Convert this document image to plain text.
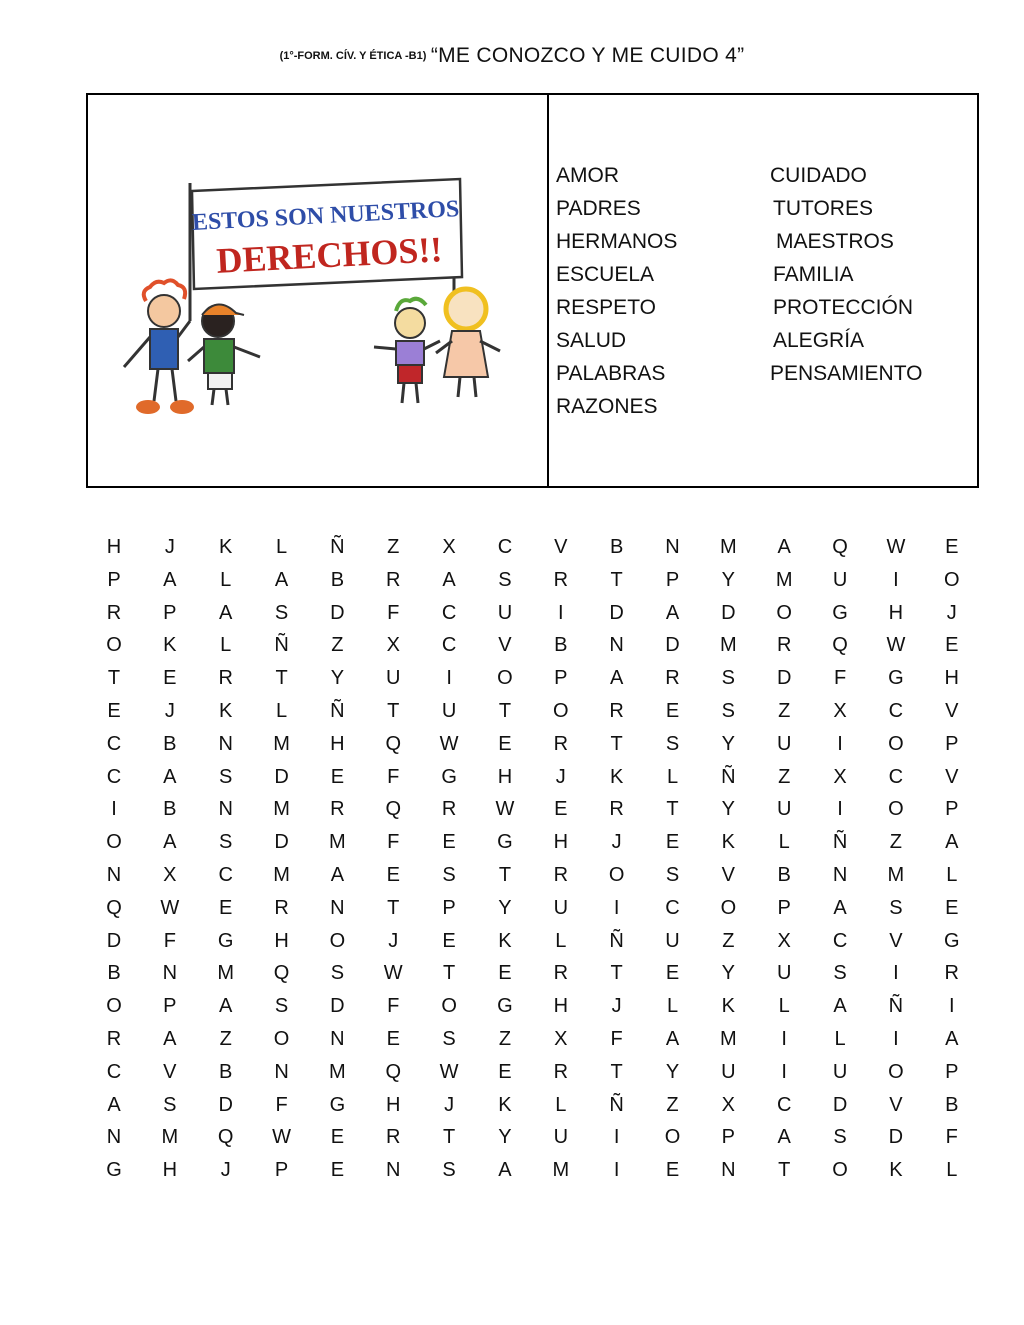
(1°-FORM. CÍV. Y ÉTICA -B1) “ME CONOZCO Y ME CUIDO 4”
ESTOS SON NUESTROS
DERECHOS!!
AMOR
PADRES
HERMANOS
ESCUELA
RESPETO
SALUD
PALABRAS
RAZONES
CUIDADO
TUTORES
MAESTROS
FAMILIA
PROTECCIÓN
ALEGRÍA
PENSAMIENTO
H	J	K	L	Ñ	Z	X	C	V	B	N	M	A	Q	W	E
P	A	L	A	B	R	A	S	R	T	P	Y	M	U	I	O
R	P	A	S	D	F	C	U	I	D	A	D	O	G	H	J
O	K	L	Ñ	Z	X	C	V	B	N	D	M	R	Q	W	E
T	E	R	T	Y	U	I	O	P	A	R	S	D	F	G	H
E	J	K	L	Ñ	T	U	T	O	R	E	S	Z	X	C	V
C	B	N	M	H	Q	W	E	R	T	S	Y	U	I	O	P
C	A	S	D	E	F	G	H	J	K	L	Ñ	Z	X	C	V
I	B	N	M	R	Q	R	W	E	R	T	Y	U	I	O	P
O	A	S	D	M	F	E	G	H	J	E	K	L	Ñ	Z	A
N	X	C	M	A	E	S	T	R	O	S	V	B	N	M	L
Q	W	E	R	N	T	P	Y	U	I	C	O	P	A	S	E
D	F	G	H	O	J	E	K	L	Ñ	U	Z	X	C	V	G
B	N	M	Q	S	W	T	E	R	T	E	Y	U	S	I	R
O	P	A	S	D	F	O	G	H	J	L	K	L	A	Ñ	I
R	A	Z	O	N	E	S	Z	X	F	A	M	I	L	I	A
C	V	B	N	M	Q	W	E	R	T	Y	U	I	U	O	P
A	S	D	F	G	H	J	K	L	Ñ	Z	X	C	D	V	B
N	M	Q	W	E	R	T	Y	U	I	O	P	A	S	D	F
G	H	J	P	E	N	S	A	M	I	E	N	T	O	K	L
